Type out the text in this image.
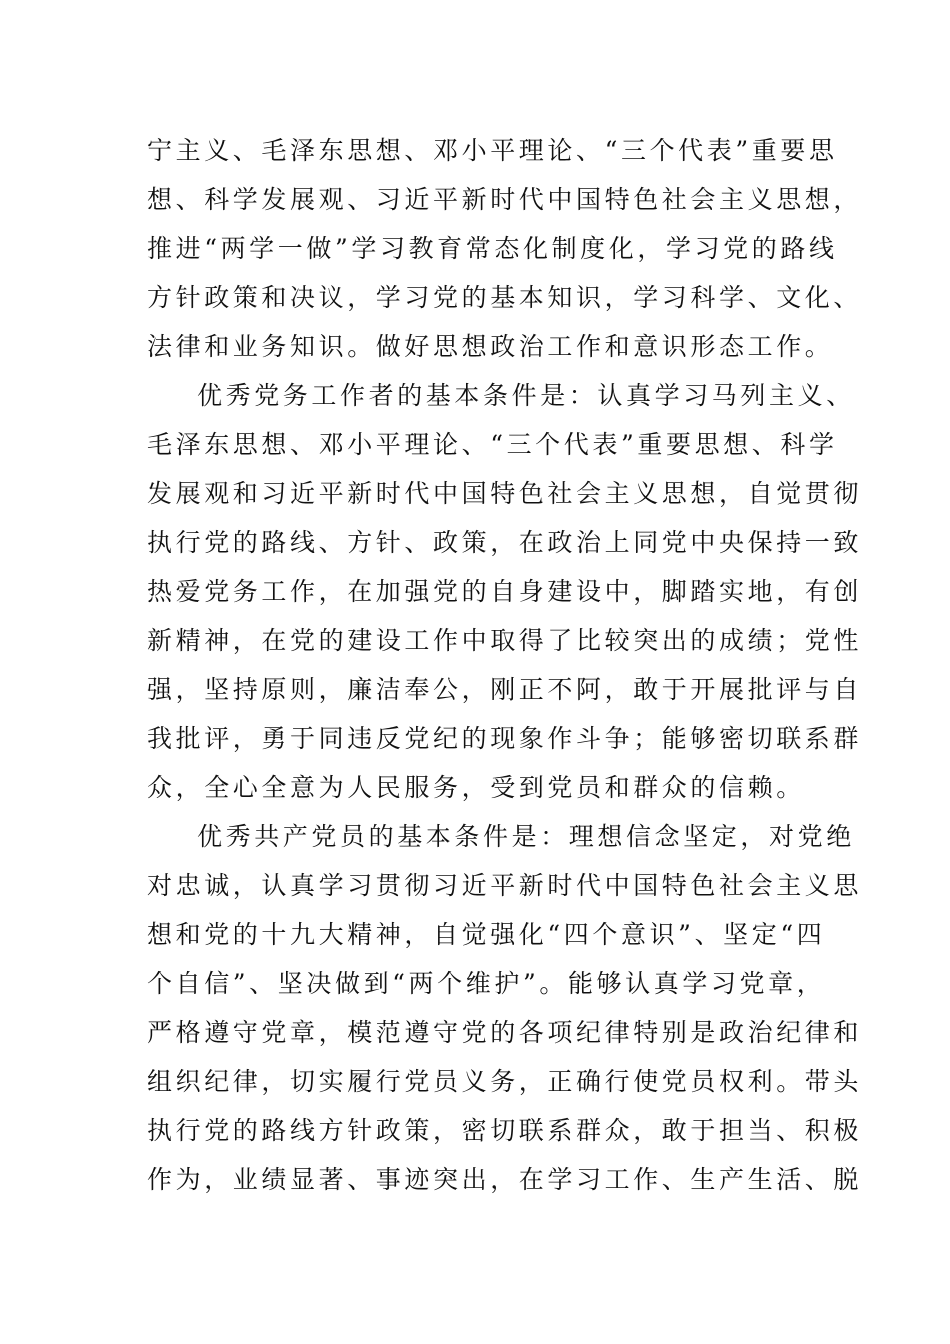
宁主义、毛泽东思想、邓小平理论、“三个代表”重要思
想、科学发展观、习近平新时代中国特色社会主义思想，
推进“两学一做”学习教育常态化制度化，学习党的路线
方针政策和决议，学习党的基本知识，学习科学、文化、
法律和业务知识。做好思想政治工作和意识形态工作。
优秀党务工作者的基本条件是：认真学习马列主义、
毛泽东思想、邓小平理论、“三个代表”重要思想、科学
发展观和习近平新时代中国特色社会主义思想，自觉贯彻
执行党的路线、方针、政策，在政治上同党中央保持一致
热爱党务工作，在加强党的自身建设中，脚踏实地，有创
新精神，在党的建设工作中取得了比较突出的成绩；党性
强，坚持原则，廉洁奉公，刚正不阿，敢于开展批评与自
我批评，勇于同违反党纪的现象作斗争；能够密切联系群
众，全心全意为人民服务，受到党员和群众的信赖。
优秀共产党员的基本条件是：理想信念坚定，对党绝
对忠诚，认真学习贯彻习近平新时代中国特色社会主义思
想和党的十九大精神，自觉强化“四个意识”、坚定“四
个自信”、坚决做到“两个维护”。能够认真学习党章，
严格遵守党章，模范遵守党的各项纪律特别是政治纪律和
组织纪律，切实履行党员义务，正确行使党员权利。带头
执行党的路线方针政策，密切联系群众，敢于担当、积极
作为，业绩显著、事迹突出，在学习工作、生产生活、脱
